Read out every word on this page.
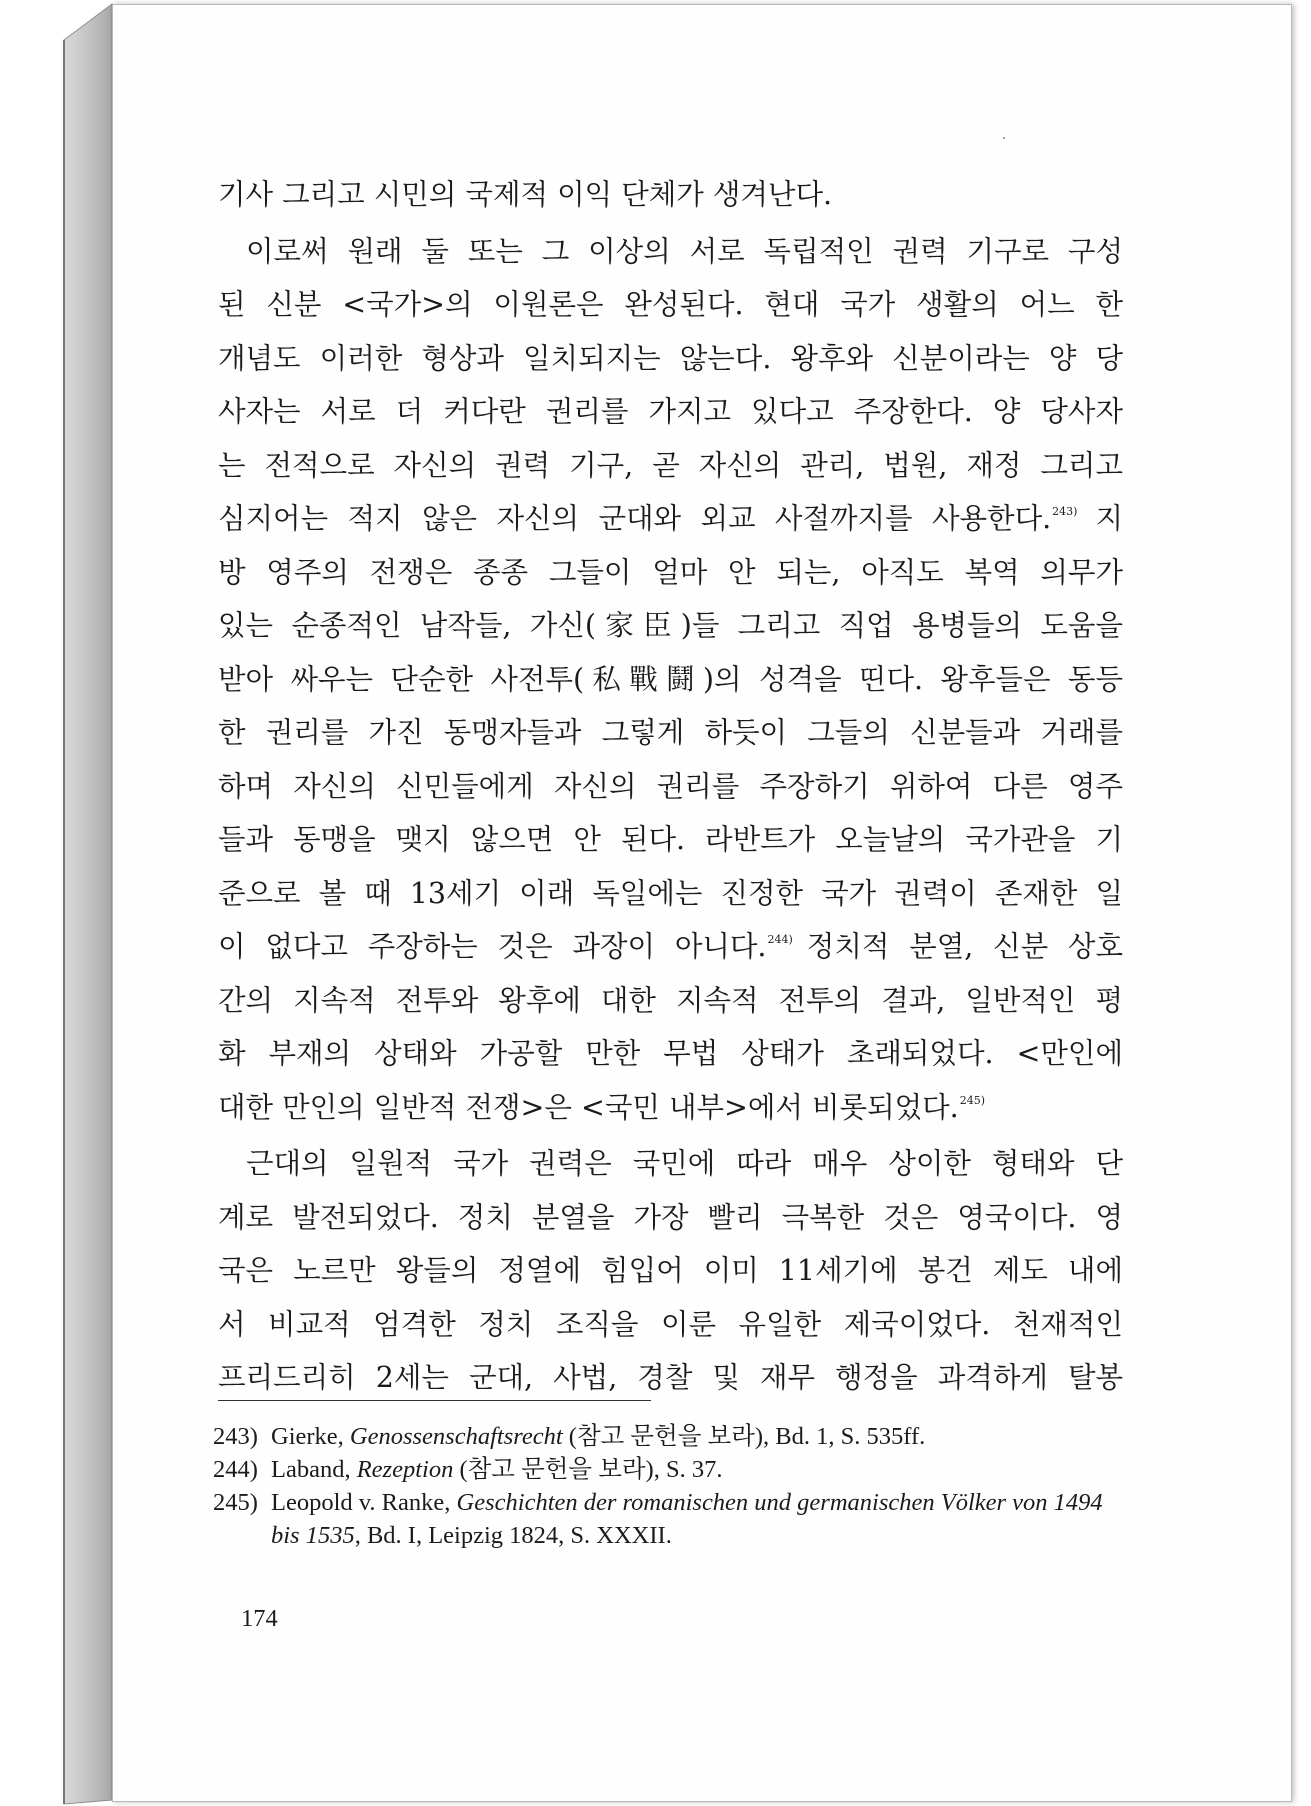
기사 그리고 시민의 국제적 이익 단체가 생겨난다.
이로써 원래 둘 또는 그 이상의 서로 독립적인 권력 기구로 구성
된 신분 <국가>의 이원론은 완성된다. 현대 국가 생활의 어느 한
개념도 이러한 형상과 일치되지는 않는다. 왕후와 신분이라는 양 당
사자는 서로 더 커다란 권리를 가지고 있다고 주장한다. 양 당사자
는 전적으로 자신의 권력 기구, 곧 자신의 관리, 법원, 재정 그리고
심지어는 적지 않은 자신의 군대와 외교 사절까지를 사용한다.$^{243)}$ 지
방 영주의 전쟁은 종종 그들이 얼마 안 되는, 아직도 복역 의무가
있는 순종적인 남작들, 가신(家臣)들 그리고 직업 용병들의 도움을
받아 싸우는 단순한 사전투(私戰鬪)의 성격을 띤다. 왕후들은 동등
한 권리를 가진 동맹자들과 그렇게 하듯이 그들의 신분들과 거래를
하며 자신의 신민들에게 자신의 권리를 주장하기 위하여 다른 영주
들과 동맹을 맺지 않으면 안 된다. 라반트가 오늘날의 국가관을 기
준으로 볼 때 13세기 이래 독일에는 진정한 국가 권력이 존재한 일
이 없다고 주장하는 것은 과장이 아니다.$^{244)}$ 정치적 분열, 신분 상호
간의 지속적 전투와 왕후에 대한 지속적 전투의 결과, 일반적인 평
화 부재의 상태와 가공할 만한 무법 상태가 초래되었다. <만인에
대한 만인의 일반적 전쟁>은 <국민 내부>에서 비롯되었다.$^{245)}$
근대의 일원적 국가 권력은 국민에 따라 매우 상이한 형태와 단
계로 발전되었다. 정치 분열을 가장 빨리 극복한 것은 영국이다. 영
국은 노르만 왕들의 정열에 힘입어 이미 11세기에 봉건 제도 내에
서 비교적 엄격한 정치 조직을 이룬 유일한 제국이었다. 천재적인
프리드리히 2세는 군대, 사법, 경찰 및 재무 행정을 과격하게 탈봉
243) Gierke, Genossenschaftsrecht (참고 문헌을 보라), Bd. 1, S. 535ff.
244) Laband, Rezeption (참고 문헌을 보라), S. 37.
245) Leopold v. Ranke, Geschichten der romanischen und germanischen Völker von 1494 bis 1535, Bd. I, Leipzig 1824, S. XXXII.
174
